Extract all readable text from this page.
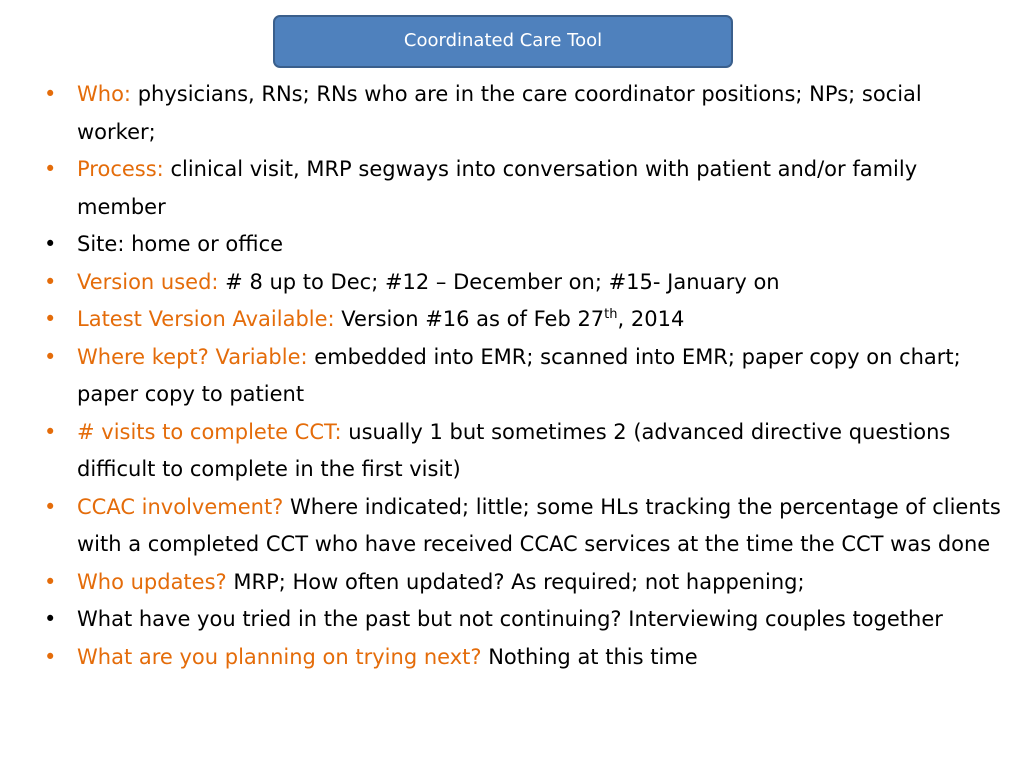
Coordinated Care Tool
• Who: physicians, RNs; RNs who are in the care coordinator positions; NPs; social worker;
• Process: clinical visit, MRP segways into conversation with patient and/or family member
• Site: home or office
• Version used: # 8 up to Dec; #12 – December on; #15- January on
• Latest Version Available: Version #16 as of Feb 27th, 2014
• Where kept? Variable: embedded into EMR; scanned into EMR; paper copy on chart; paper copy to patient
• # visits to complete CCT: usually 1 but sometimes 2 (advanced directive questions difficult to complete in the first visit)
• CCAC involvement? Where indicated; little; some HLs tracking the percentage of clients with a completed CCT who have received CCAC services at the time the CCT was done
• Who updates? MRP; How often updated? As required; not happening;
• What have you tried in the past but not continuing? Interviewing couples together
• What are you planning on trying next? Nothing at this time
